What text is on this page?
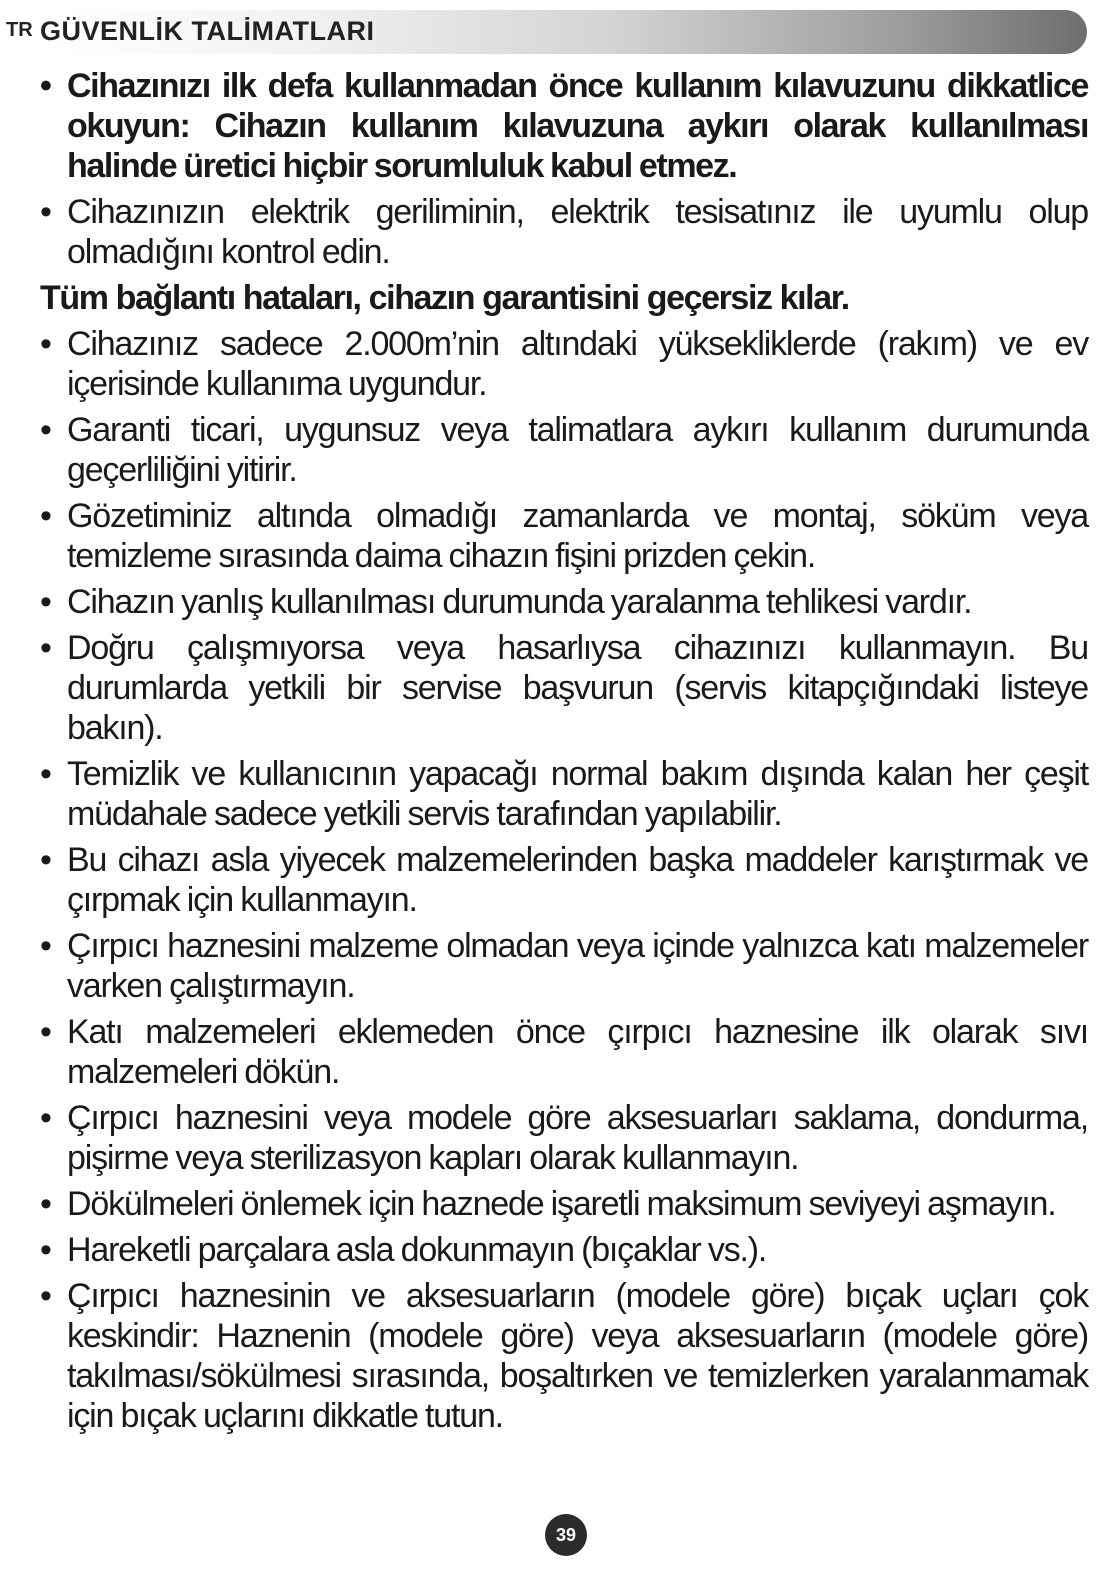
TR GÜVENLİK TALİMATLARI
• Cihazınızı ilk defa kullanmadan önce kullanım kılavuzunu dikkatlice okuyun: Cihazın kullanım kılavuzuna aykırı olarak kullanılması halinde üretici hiçbir sorumluluk kabul etmez.
• Cihazınızın elektrik geriliminin, elektrik tesisatınız ile uyumlu olup olmadığını kontrol edin.
Tüm bağlantı hataları, cihazın garantisini geçersiz kılar.
• Cihazınız sadece 2.000m’nin altındaki yüksekliklerde (rakım) ve ev içerisinde kullanıma uygundur.
• Garanti ticari, uygunsuz veya talimatlara aykırı kullanım durumunda geçerliliğini yitirir.
• Gözetiminiz altında olmadığı zamanlarda ve montaj, söküm veya temizleme sırasında daima cihazın fişini prizden çekin.
• Cihazın yanlış kullanılması durumunda yaralanma tehlikesi vardır.
• Doğru çalışmıyorsa veya hasarlıysa cihazınızı kullanmayın. Bu durumlarda yetkili bir servise başvurun (servis kitapçığındaki listeye bakın).
• Temizlik ve kullanıcının yapacağı normal bakım dışında kalan her çeşit müdahale sadece yetkili servis tarafından yapılabilir.
• Bu cihazı asla yiyecek malzemelerinden başka maddeler karıştırmak ve çırpmak için kullanmayın.
• Çırpıcı haznesini malzeme olmadan veya içinde yalnızca katı malzemeler varken çalıştırmayın.
• Katı malzemeleri eklemeden önce çırpıcı haznesine ilk olarak sıvı malzemeleri dökün.
• Çırpıcı haznesini veya modele göre aksesuarları saklama, dondurma, pişirme veya sterilizasyon kapları olarak kullanmayın.
• Dökülmeleri önlemek için haznede işaretli maksimum seviyeyi aşmayın.
• Hareketli parçalara asla dokunmayın (bıçaklar vs.).
• Çırpıcı haznesinin ve aksesuarların (modele göre) bıçak uçları çok keskindir: Haznenin (modele göre) veya aksesuarların (modele göre) takılması/sökülmesi sırasında, boşaltırken ve temizlerken yaralanmamak için bıçak uçlarını dikkatle tutun.
39
